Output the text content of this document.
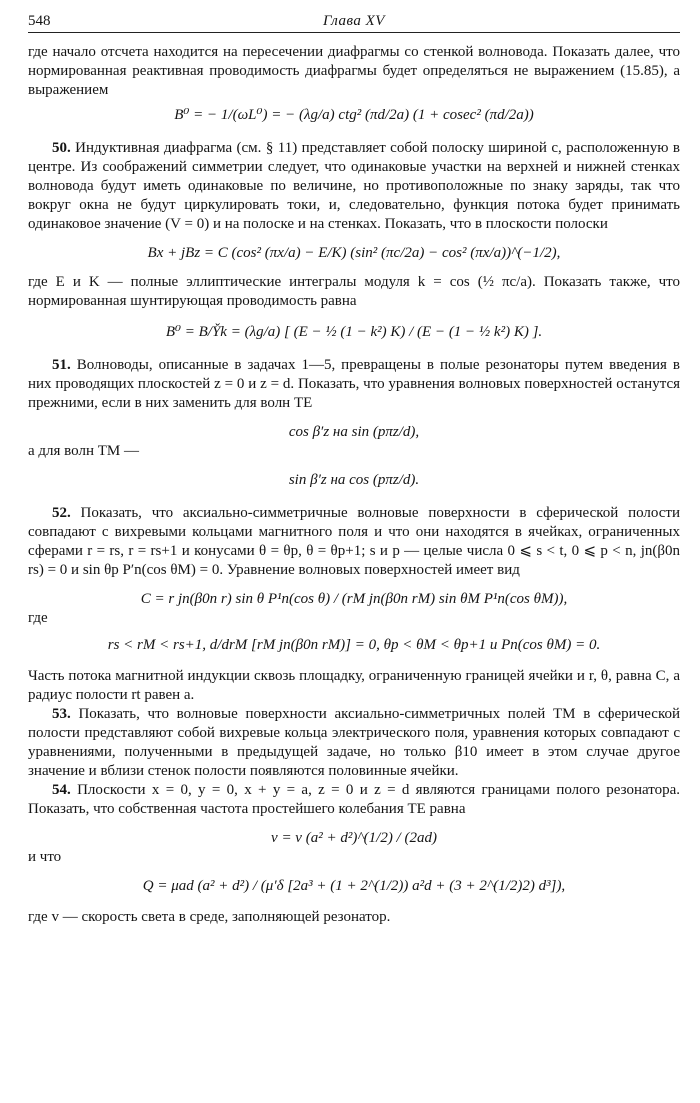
548	Глава XV

где начало отсчета находится на пересечении диафрагмы со стенкой волновода. Показать далее, что нормированная реактивная проводимость диафрагмы будет определяться не выражением (15.85), а выражением

B⁰ = − 1/(ωL⁰) = − (λg/a) ctg² (πd/2a) (1 + cosec² (πd/2a))

50. Индуктивная диафрагма (см. § 11) представляет собой полоску шириной c, расположенную в центре. Из соображений симметрии следует, что одинаковые участки на верхней и нижней стенках волновода будут иметь одинаковые по величине, но противоположные по знаку заряды, так что вокруг окна не будут циркулировать токи, и, следовательно, функция потока будет принимать одинаковое значение (V = 0) и на полоске и на стенках. Показать, что в плоскости полоски

Bx + jBz = C (cos² (πx/a) − E/K) (sin² (πc/2a) − cos² (πx/a))^(−1/2),

где E и K — полные эллиптические интегралы модуля k = cos (½ πc/a). Показать также, что нормированная шунтирующая проводимость равна

B⁰ = B/Y̌k = (λg/a) [ (E − ½ (1 − k²) K) / (E − (1 − ½ k²) K) ].

51. Волноводы, описанные в задачах 1—5, превращены в полые резонаторы путем введения в них проводящих плоскостей z = 0 и z = d. Показать, что уравнения волновых поверхностей останутся прежними, если в них заменить для волн TE

cos β′z на sin (pπz/d),

а для волн TM —

sin β′z на cos (pπz/d).

52. Показать, что аксиально-симметричные волновые поверхности в сферической полости совпадают с вихревыми кольцами магнитного поля и что они находятся в ячейках, ограниченных сферами r = rs, r = rs+1 и конусами θ = θp, θ = θp+1; s и p — целые числа 0 ⩽ s < t, 0 ⩽ p < n, jn(β0n rs) = 0 и sin θp P′n(cos θM) = 0. Уравнение волновых поверхностей имеет вид

C = r jn(β0n r) sin θ P¹n(cos θ) / (rM jn(β0n rM) sin θM P¹n(cos θM)),

где

rs < rM < rs+1, d/drM [rM jn(β0n rM)] = 0, θp < θM < θp+1 и Pn(cos θM) = 0.

Часть потока магнитной индукции сквозь площадку, ограниченную границей ячейки и r, θ, равна C, а радиус полости rt равен a.

53. Показать, что волновые поверхности аксиально-симметричных полей TM в сферической полости представляют собой вихревые кольца электрического поля, уравнения которых совпадают с уравнениями, полученными в предыдущей задаче, но только β10 имеет в этом случае другое значение и вблизи стенок полости появляются половинные ячейки.

54. Плоскости x = 0, y = 0, x + y = a, z = 0 и z = d являются границами полого резонатора. Показать, что собственная частота простейшего колебания TE равна

ν = v (a² + d²)^(1/2) / (2ad)

и что

Q = μad (a² + d²) / (μ′δ [2a³ + (1 + 2^(1/2)) a²d + (3 + 2^(1/2)2) d³]),

где v — скорость света в среде, заполняющей резонатор.
